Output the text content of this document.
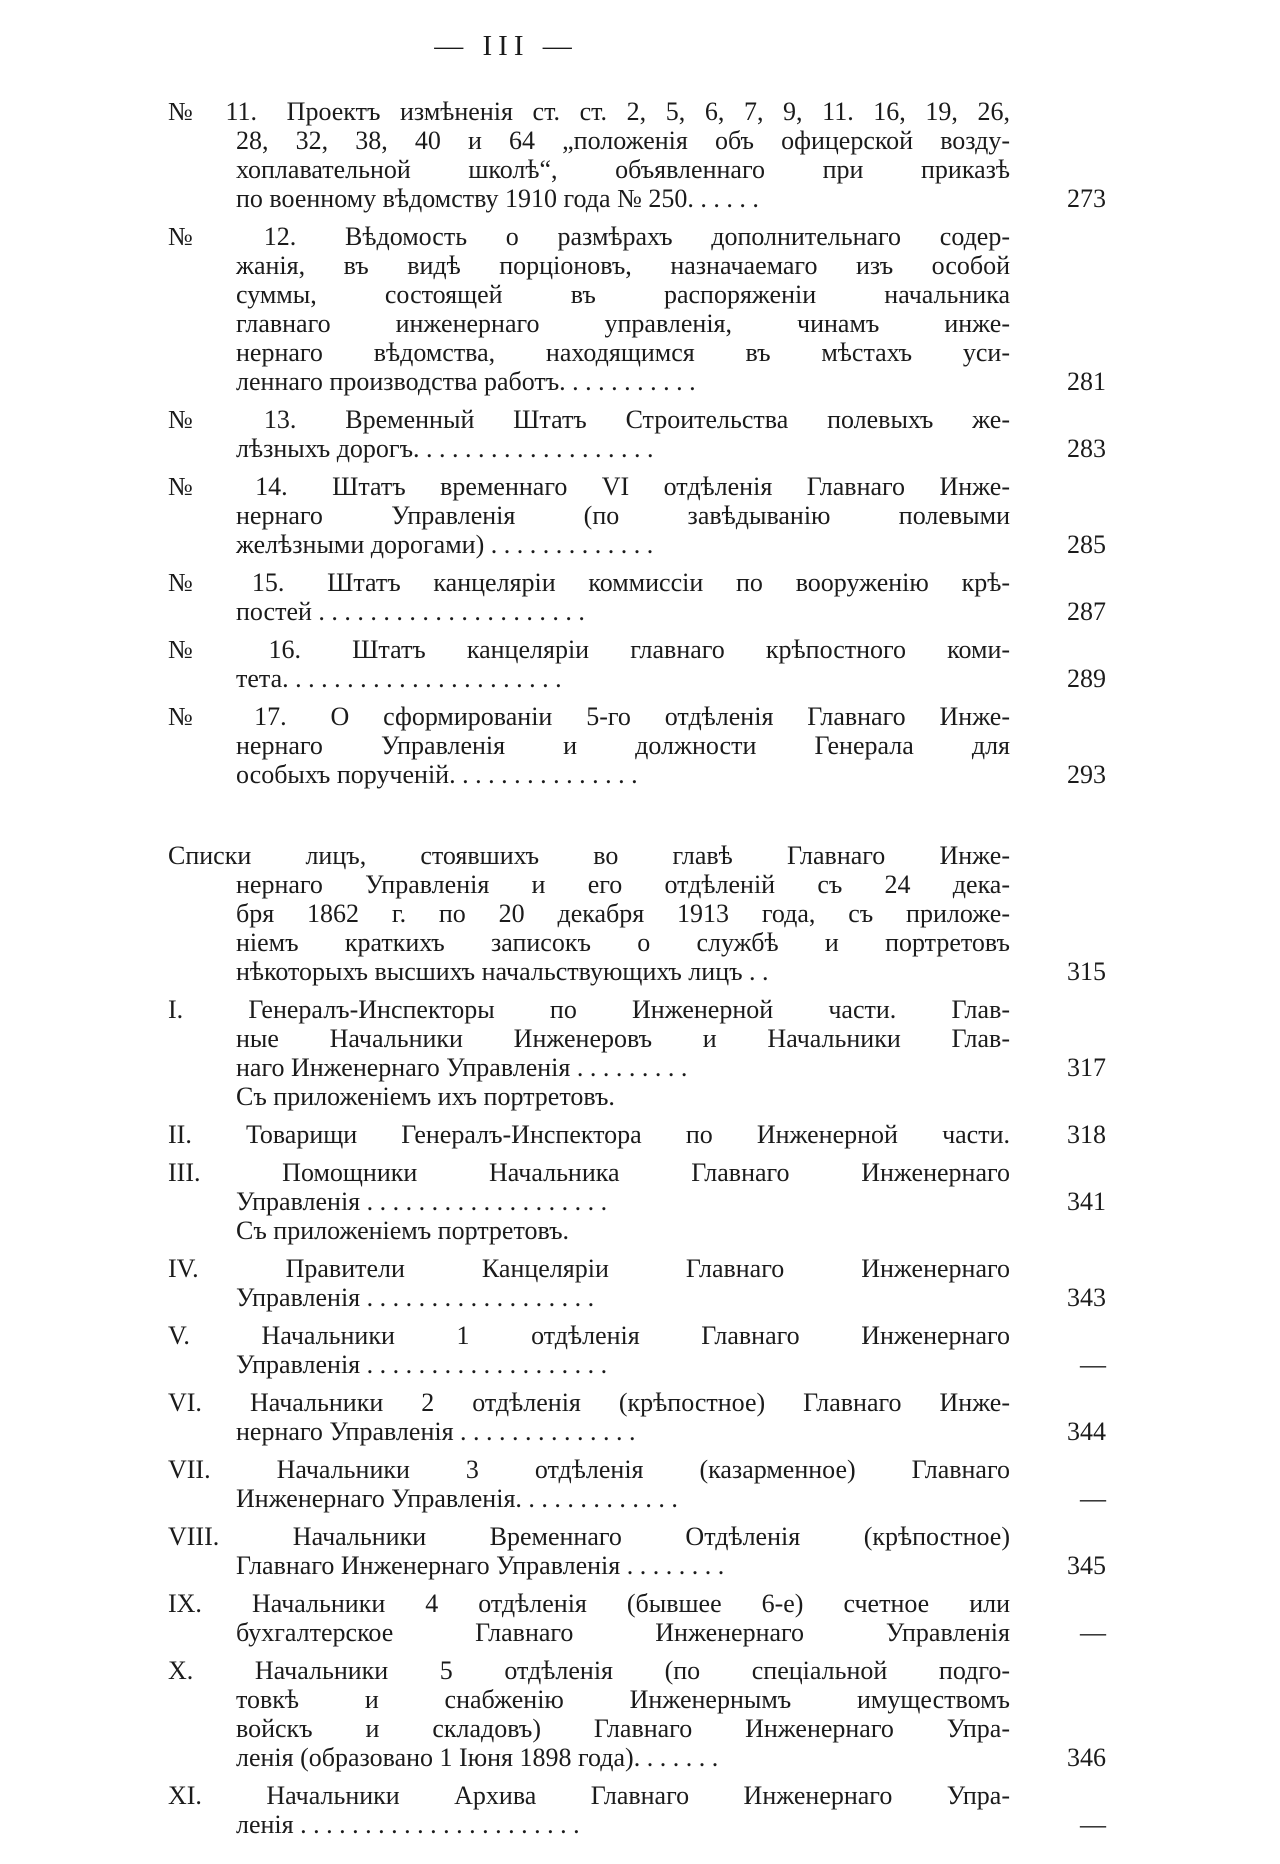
— III —
№ 11. Проектъ измѣненія ст. ст. 2, 5, 6, 7, 9, 11. 16, 19, 26,
28, 32, 38, 40 и 64 „положенія объ офицерской возду-
хоплавательной школѣ“, объявленнаго при приказѣ
по военному вѣдомству 1910 года № 250. . . . . .	273
№ 12. Вѣдомость о размѣрахъ дополнительнаго содер-
жанія, въ видѣ порціоновъ, назначаемаго изъ особой
суммы, состоящей въ распоряженіи начальника
главнаго инженернаго управленія, чинамъ инже-
нернаго вѣдомства, находящимся въ мѣстахъ уси-
леннаго производства работъ. . . . . . . . . . .	281
№ 13. Временный Штатъ Строительства полевыхъ же-
лѣзныхъ дорогъ. . . . . . . . . . . . . . . . . . .	283
№ 14. Штатъ временнаго VI отдѣленія Главнаго Инже-
нернаго Управленія (по завѣдыванію полевыми
желѣзными дорогами) . . . . . . . . . . . . .	285
№ 15. Штатъ канцеляріи коммиссіи по вооруженію крѣ-
постей . . . . . . . . . . . . . . . . . . . . .	287
№ 16. Штатъ канцеляріи главнаго крѣпостного коми-
тета. . . . . . . . . . . . . . . . . . . . . .	289
№ 17. О сформированіи 5-го отдѣленія Главнаго Инже-
нернаго Управленія и должности Генерала для
особыхъ порученій. . . . . . . . . . . . . . .	293
Списки лицъ, стоявшихъ во главѣ Главнаго Инже-
нернаго Управленія и его отдѣленій съ 24 дека-
бря 1862 г. по 20 декабря 1913 года, съ приложе-
ніемъ краткихъ записокъ о службѣ и портретовъ
нѣкоторыхъ высшихъ начальствующихъ лицъ . .	315
I.	Генералъ-Инспекторы по Инженерной части. Глав-
ные Начальники Инженеровъ и Начальники Глав-
наго Инженернаго Управленія . . . . . . . . .	317
Съ приложеніемъ ихъ портретовъ.
II. Товарищи Генералъ-Инспектора по Инженерной части.	318
III.	Помощники Начальника Главнаго Инженернаго
Управленія . . . . . . . . . . . . . . . . . . .	341
Съ приложеніемъ портретовъ.
IV.	Правители Канцеляріи Главнаго Инженернаго
Управленія . . . . . . . . . . . . . . . . . .	343
V.	Начальники 1 отдѣленія Главнаго Инженернаго
Управленія . . . . . . . . . . . . . . . . . . .	—
VI. Начальники 2 отдѣленія (крѣпостное) Главнаго Инже-
нернаго Управленія . . . . . . . . . . . . . .	344
VII.	Начальники 3 отдѣленія (казарменное) Главнаго
Инженернаго Управленія. . . . . . . . . . . . .	—
VIII.	Начальники Временнаго Отдѣленія (крѣпостное)
Главнаго Инженернаго Управленія . . . . . . . .	345
IX. Начальники 4 отдѣленія (бывшее 6-е) счетное или
бухгалтерское Главнаго Инженернаго Управленія	—
X. Начальники 5 отдѣленія (по спеціальной подго-
товкѣ и снабженію Инженернымъ имуществомъ
войскъ и складовъ) Главнаго Инженернаго Упра-
ленія (образовано 1 Іюня 1898 года). . . . . . .	346
XI. Начальники Архива Главнаго Инженернаго Упра-
ленія . . . . . . . . . . . . . . . . . . . . . .	—
